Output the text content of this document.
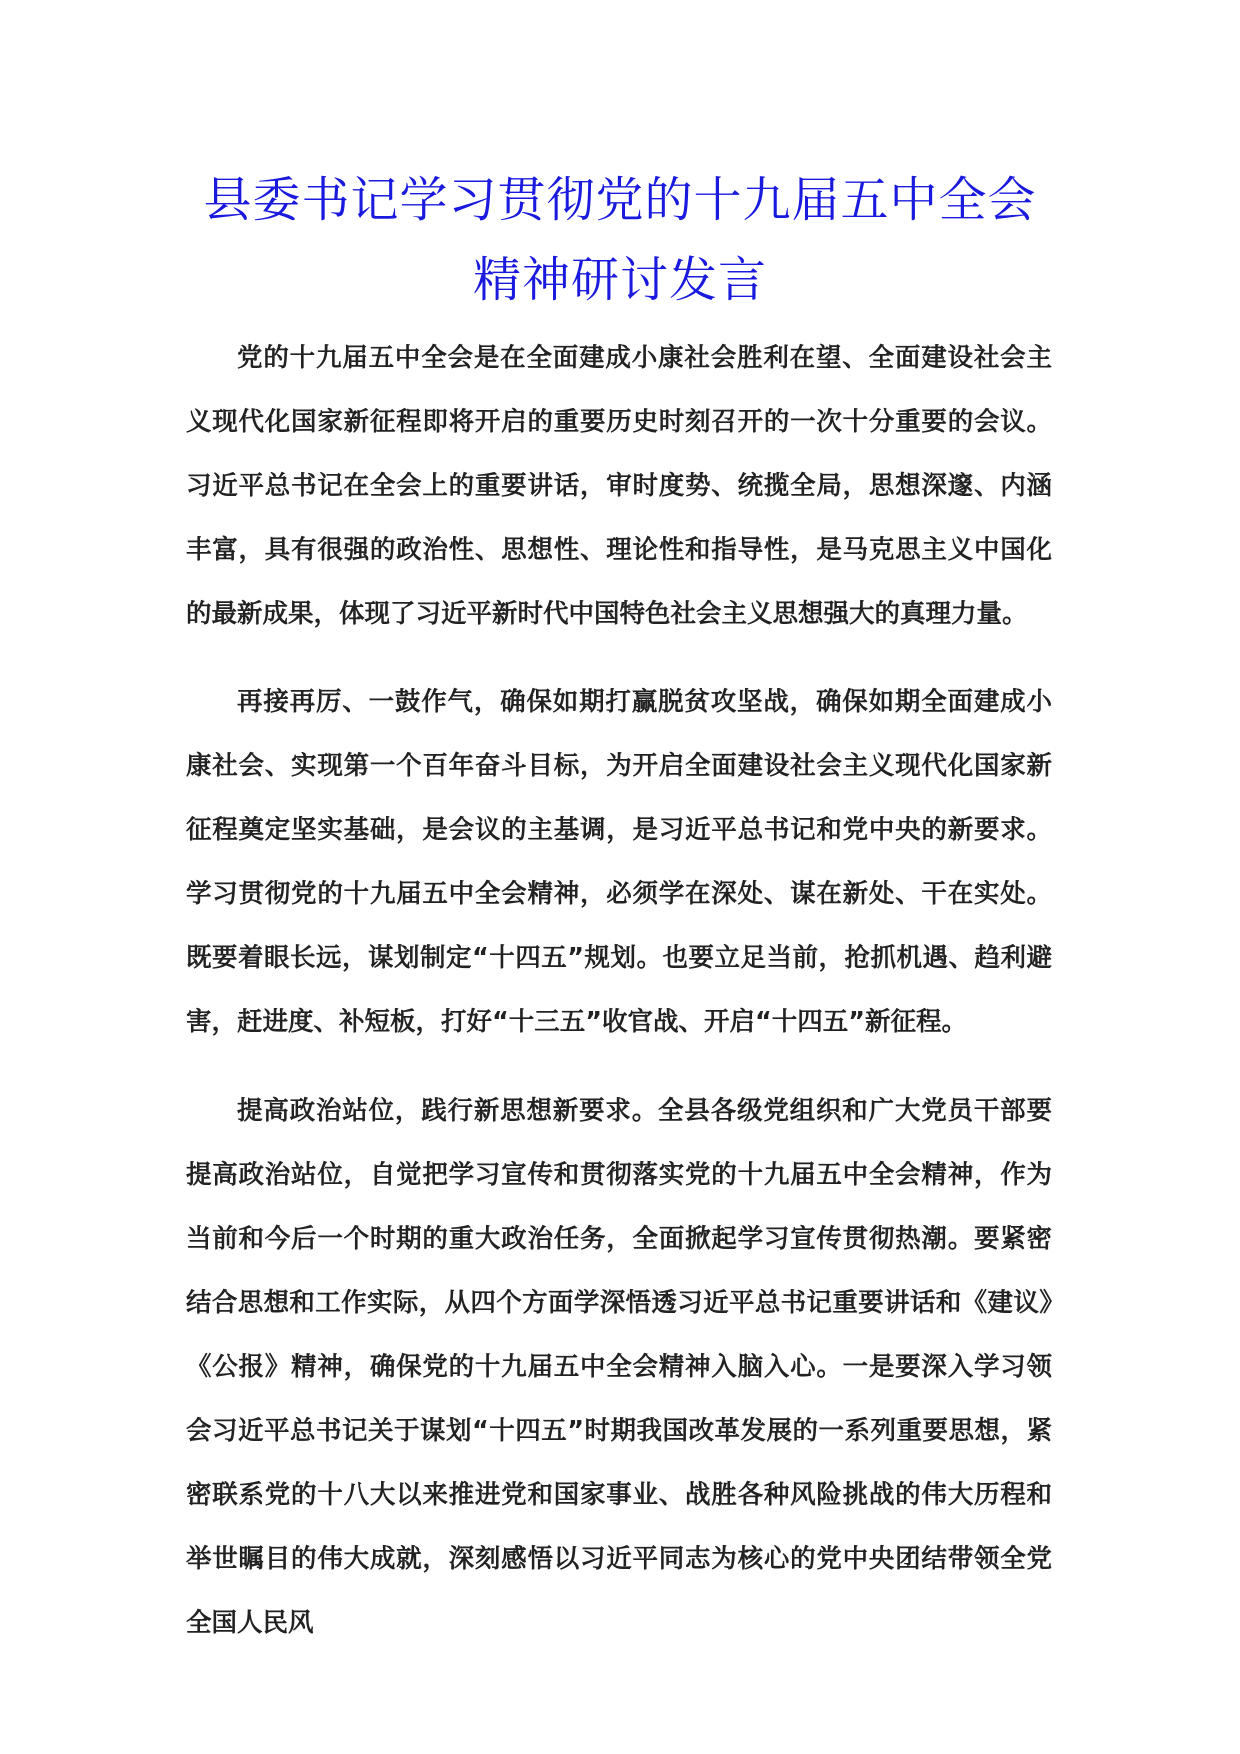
县委书记学习贯彻党的十九届五中全会
精神研讨发言

党的十九届五中全会是在全面建成小康社会胜利在望、全面建设社会主义现代化国家新征程即将开启的重要历史时刻召开的一次十分重要的会议。习近平总书记在全会上的重要讲话，审时度势、统揽全局，思想深邃、内涵丰富，具有很强的政治性、思想性、理论性和指导性，是马克思主义中国化的最新成果，体现了习近平新时代中国特色社会主义思想强大的真理力量。

再接再厉、一鼓作气，确保如期打赢脱贫攻坚战，确保如期全面建成小康社会、实现第一个百年奋斗目标，为开启全面建设社会主义现代化国家新征程奠定坚实基础，是会议的主基调，是习近平总书记和党中央的新要求。学习贯彻党的十九届五中全会精神，必须学在深处、谋在新处、干在实处。既要着眼长远，谋划制定“十四五”规划。也要立足当前，抢抓机遇、趋利避害，赶进度、补短板，打好“十三五”收官战、开启“十四五”新征程。

提高政治站位，践行新思想新要求。全县各级党组织和广大党员干部要提高政治站位，自觉把学习宣传和贯彻落实党的十九届五中全会精神，作为当前和今后一个时期的重大政治任务，全面掀起学习宣传贯彻热潮。要紧密结合思想和工作实际，从四个方面学深悟透习近平总书记重要讲话和《建议》《公报》精神，确保党的十九届五中全会精神入脑入心。一是要深入学习领会习近平总书记关于谋划“十四五”时期我国改革发展的一系列重要思想，紧密联系党的十八大以来推进党和国家事业、战胜各种风险挑战的伟大历程和举世瞩目的伟大成就，深刻感悟以习近平同志为核心的党中央团结带领全党全国人民风
